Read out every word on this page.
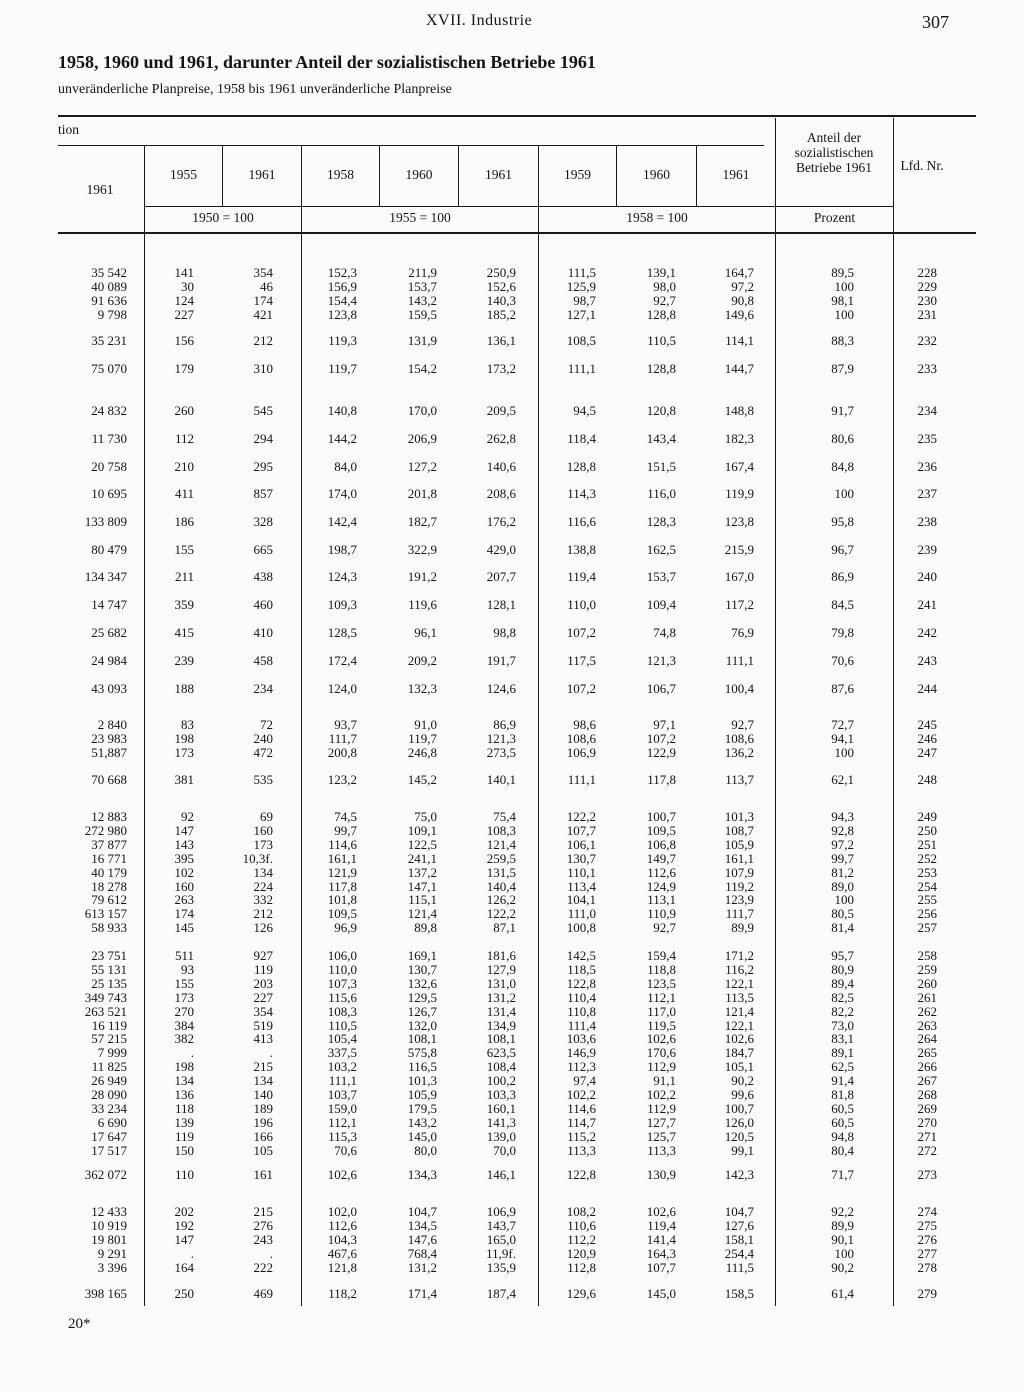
XVII. Industrie	307
1958, 1960 und 1961, darunter Anteil der sozialistischen Betriebe 1961
unveränderliche Planpreise, 1958 bis 1961 unveränderliche Planpreise
tion
1961
1955	1961	1958	1960	1961	1959	1960	1961
Anteil der sozialistischen Betriebe 1961	Lfd. Nr.
1950 = 100	1955 = 100	1958 = 100	Prozent
35 542	141	354	152,3	211,9	250,9	111,5	139,1	164,7	89,5	228
40 089	30	46	156,9	153,7	152,6	125,9	98,0	97,2	100	229
91 636	124	174	154,4	143,2	140,3	98,7	92,7	90,8	98,1	230
9 798	227	421	123,8	159,5	185,2	127,1	128,8	149,6	100	231
35 231	156	212	119,3	131,9	136,1	108,5	110,5	114,1	88,3	232
75 070	179	310	119,7	154,2	173,2	111,1	128,8	144,7	87,9	233
24 832	260	545	140,8	170,0	209,5	94,5	120,8	148,8	91,7	234
11 730	112	294	144,2	206,9	262,8	118,4	143,4	182,3	80,6	235
20 758	210	295	84,0	127,2	140,6	128,8	151,5	167,4	84,8	236
10 695	411	857	174,0	201,8	208,6	114,3	116,0	119,9	100	237
133 809	186	328	142,4	182,7	176,2	116,6	128,3	123,8	95,8	238
80 479	155	665	198,7	322,9	429,0	138,8	162,5	215,9	96,7	239
134 347	211	438	124,3	191,2	207,7	119,4	153,7	167,0	86,9	240
14 747	359	460	109,3	119,6	128,1	110,0	109,4	117,2	84,5	241
25 682	415	410	128,5	96,1	98,8	107,2	74,8	76,9	79,8	242
24 984	239	458	172,4	209,2	191,7	117,5	121,3	111,1	70,6	243
43 093	188	234	124,0	132,3	124,6	107,2	106,7	100,4	87,6	244
2 840	83	72	93,7	91,0	86,9	98,6	97,1	92,7	72,7	245
23 983	198	240	111,7	119,7	121,3	108,6	107,2	108,6	94,1	246
51,887	173	472	200,8	246,8	273,5	106,9	122,9	136,2	100	247
70 668	381	535	123,2	145,2	140,1	111,1	117,8	113,7	62,1	248
12 883	92	69	74,5	75,0	75,4	122,2	100,7	101,3	94,3	249
272 980	147	160	99,7	109,1	108,3	107,7	109,5	108,7	92,8	250
37 877	143	173	114,6	122,5	121,4	106,1	106,8	105,9	97,2	251
16 771	395	10,3f.	161,1	241,1	259,5	130,7	149,7	161,1	99,7	252
40 179	102	134	121,9	137,2	131,5	110,1	112,6	107,9	81,2	253
18 278	160	224	117,8	147,1	140,4	113,4	124,9	119,2	89,0	254
79 612	263	332	101,8	115,1	126,2	104,1	113,1	123,9	100	255
613 157	174	212	109,5	121,4	122,2	111,0	110,9	111,7	80,5	256
58 933	145	126	96,9	89,8	87,1	100,8	92,7	89,9	81,4	257
23 751	511	927	106,0	169,1	181,6	142,5	159,4	171,2	95,7	258
55 131	93	119	110,0	130,7	127,9	118,5	118,8	116,2	80,9	259
25 135	155	203	107,3	132,6	131,0	122,8	123,5	122,1	89,4	260
349 743	173	227	115,6	129,5	131,2	110,4	112,1	113,5	82,5	261
263 521	270	354	108,3	126,7	131,4	110,8	117,0	121,4	82,2	262
16 119	384	519	110,5	132,0	134,9	111,4	119,5	122,1	73,0	263
57 215	382	413	105,4	108,1	108,1	103,6	102,6	102,6	83,1	264
7 999	.	.	337,5	575,8	623,5	146,9	170,6	184,7	89,1	265
11 825	198	215	103,2	116,5	108,4	112,3	112,9	105,1	62,5	266
26 949	134	134	111,1	101,3	100,2	97,4	91,1	90,2	91,4	267
28 090	136	140	103,7	105,9	103,3	102,2	102,2	99,6	81,8	268
33 234	118	189	159,0	179,5	160,1	114,6	112,9	100,7	60,5	269
6 690	139	196	112,1	143,2	141,3	114,7	127,7	126,0	60,5	270
17 647	119	166	115,3	145,0	139,0	115,2	125,7	120,5	94,8	271
17 517	150	105	70,6	80,0	70,0	113,3	113,3	99,1	80,4	272
362 072	110	161	102,6	134,3	146,1	122,8	130,9	142,3	71,7	273
12 433	202	215	102,0	104,7	106,9	108,2	102,6	104,7	92,2	274
10 919	192	276	112,6	134,5	143,7	110,6	119,4	127,6	89,9	275
19 801	147	243	104,3	147,6	165,0	112,2	141,4	158,1	90,1	276
9 291	.	.	467,6	768,4	11,9f.	120,9	164,3	254,4	100	277
3 396	164	222	121,8	131,2	135,9	112,8	107,7	111,5	90,2	278
398 165	250	469	118,2	171,4	187,4	129,6	145,0	158,5	61,4	279
20*
